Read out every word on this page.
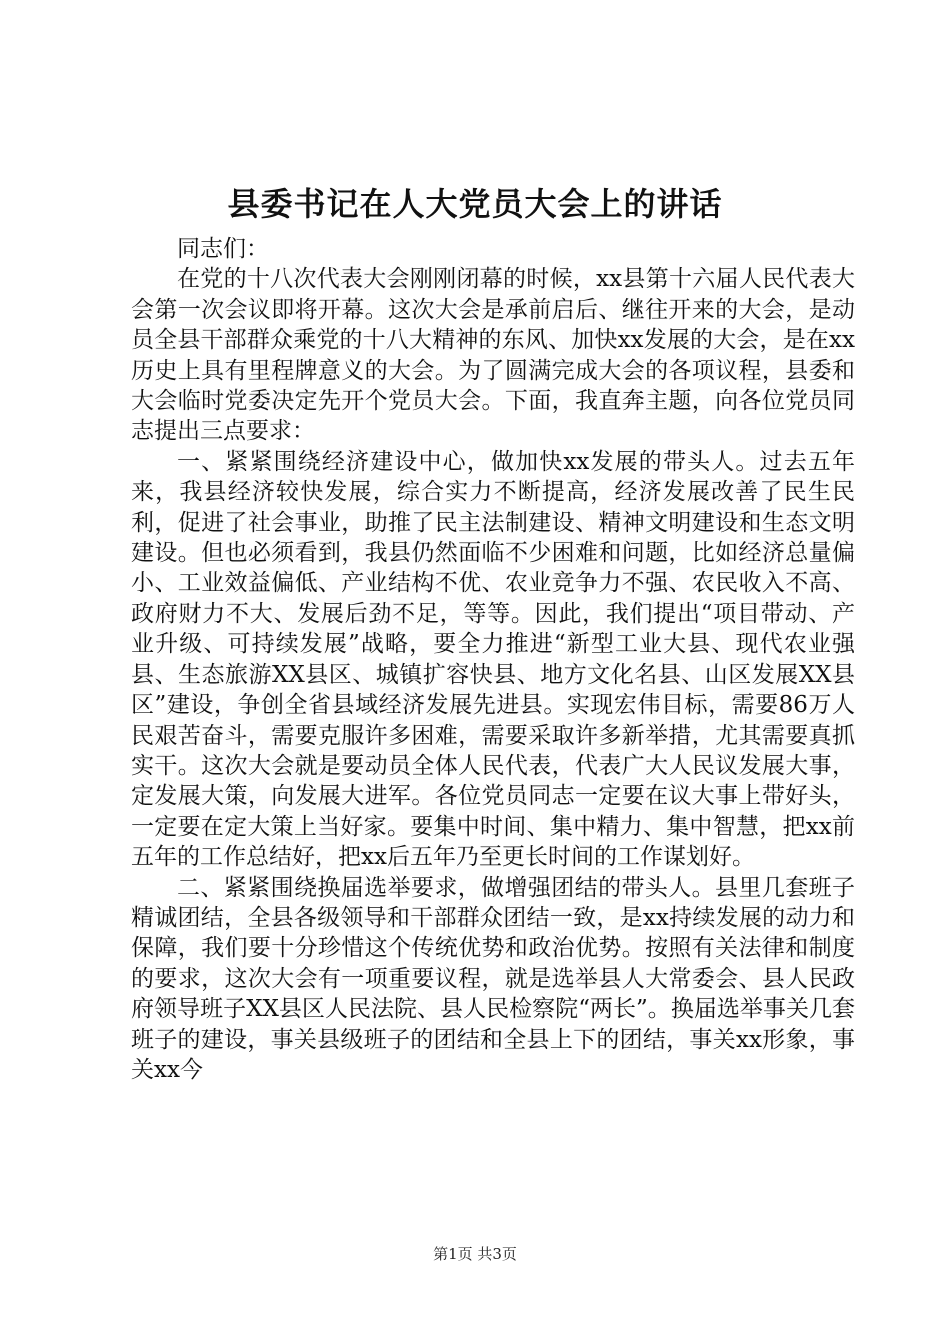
县委书记在人大党员大会上的讲话

同志们：

在党的十八次代表大会刚刚闭幕的时候，xx县第十六届人民代表大会第一次会议即将开幕。这次大会是承前启后、继往开来的大会，是动员全县干部群众乘党的十八大精神的东风、加快xx发展的大会，是在xx历史上具有里程牌意义的大会。为了圆满完成大会的各项议程，县委和大会临时党委决定先开个党员大会。下面，我直奔主题，向各位党员同志提出三点要求：

一、紧紧围绕经济建设中心，做加快xx发展的带头人。过去五年来，我县经济较快发展，综合实力不断提高，经济发展改善了民生民利，促进了社会事业，助推了民主法制建设、精神文明建设和生态文明建设。但也必须看到，我县仍然面临不少困难和问题，比如经济总量偏小、工业效益偏低、产业结构不优、农业竞争力不强、农民收入不高、政府财力不大、发展后劲不足，等等。因此，我们提出“项目带动、产业升级、可持续发展”战略，要全力推进“新型工业大县、现代农业强县、生态旅游XX县区、城镇扩容快县、地方文化名县、山区发展XX县区”建设，争创全省县域经济发展先进县。实现宏伟目标，需要86万人民艰苦奋斗，需要克服许多困难，需要采取许多新举措，尤其需要真抓实干。这次大会就是要动员全体人民代表，代表广大人民议发展大事，定发展大策，向发展大进军。各位党员同志一定要在议大事上带好头，一定要在定大策上当好家。要集中时间、集中精力、集中智慧，把xx前五年的工作总结好，把xx后五年乃至更长时间的工作谋划好。

二、紧紧围绕换届选举要求，做增强团结的带头人。县里几套班子精诚团结，全县各级领导和干部群众团结一致，是xx持续发展的动力和保障，我们要十分珍惜这个传统优势和政治优势。按照有关法律和制度的要求，这次大会有一项重要议程，就是选举县人大常委会、县人民政府领导班子XX县区人民法院、县人民检察院“两长”。换届选举事关几套班子的建设，事关县级班子的团结和全县上下的团结，事关xx形象，事关xx今

第1页 共3页
